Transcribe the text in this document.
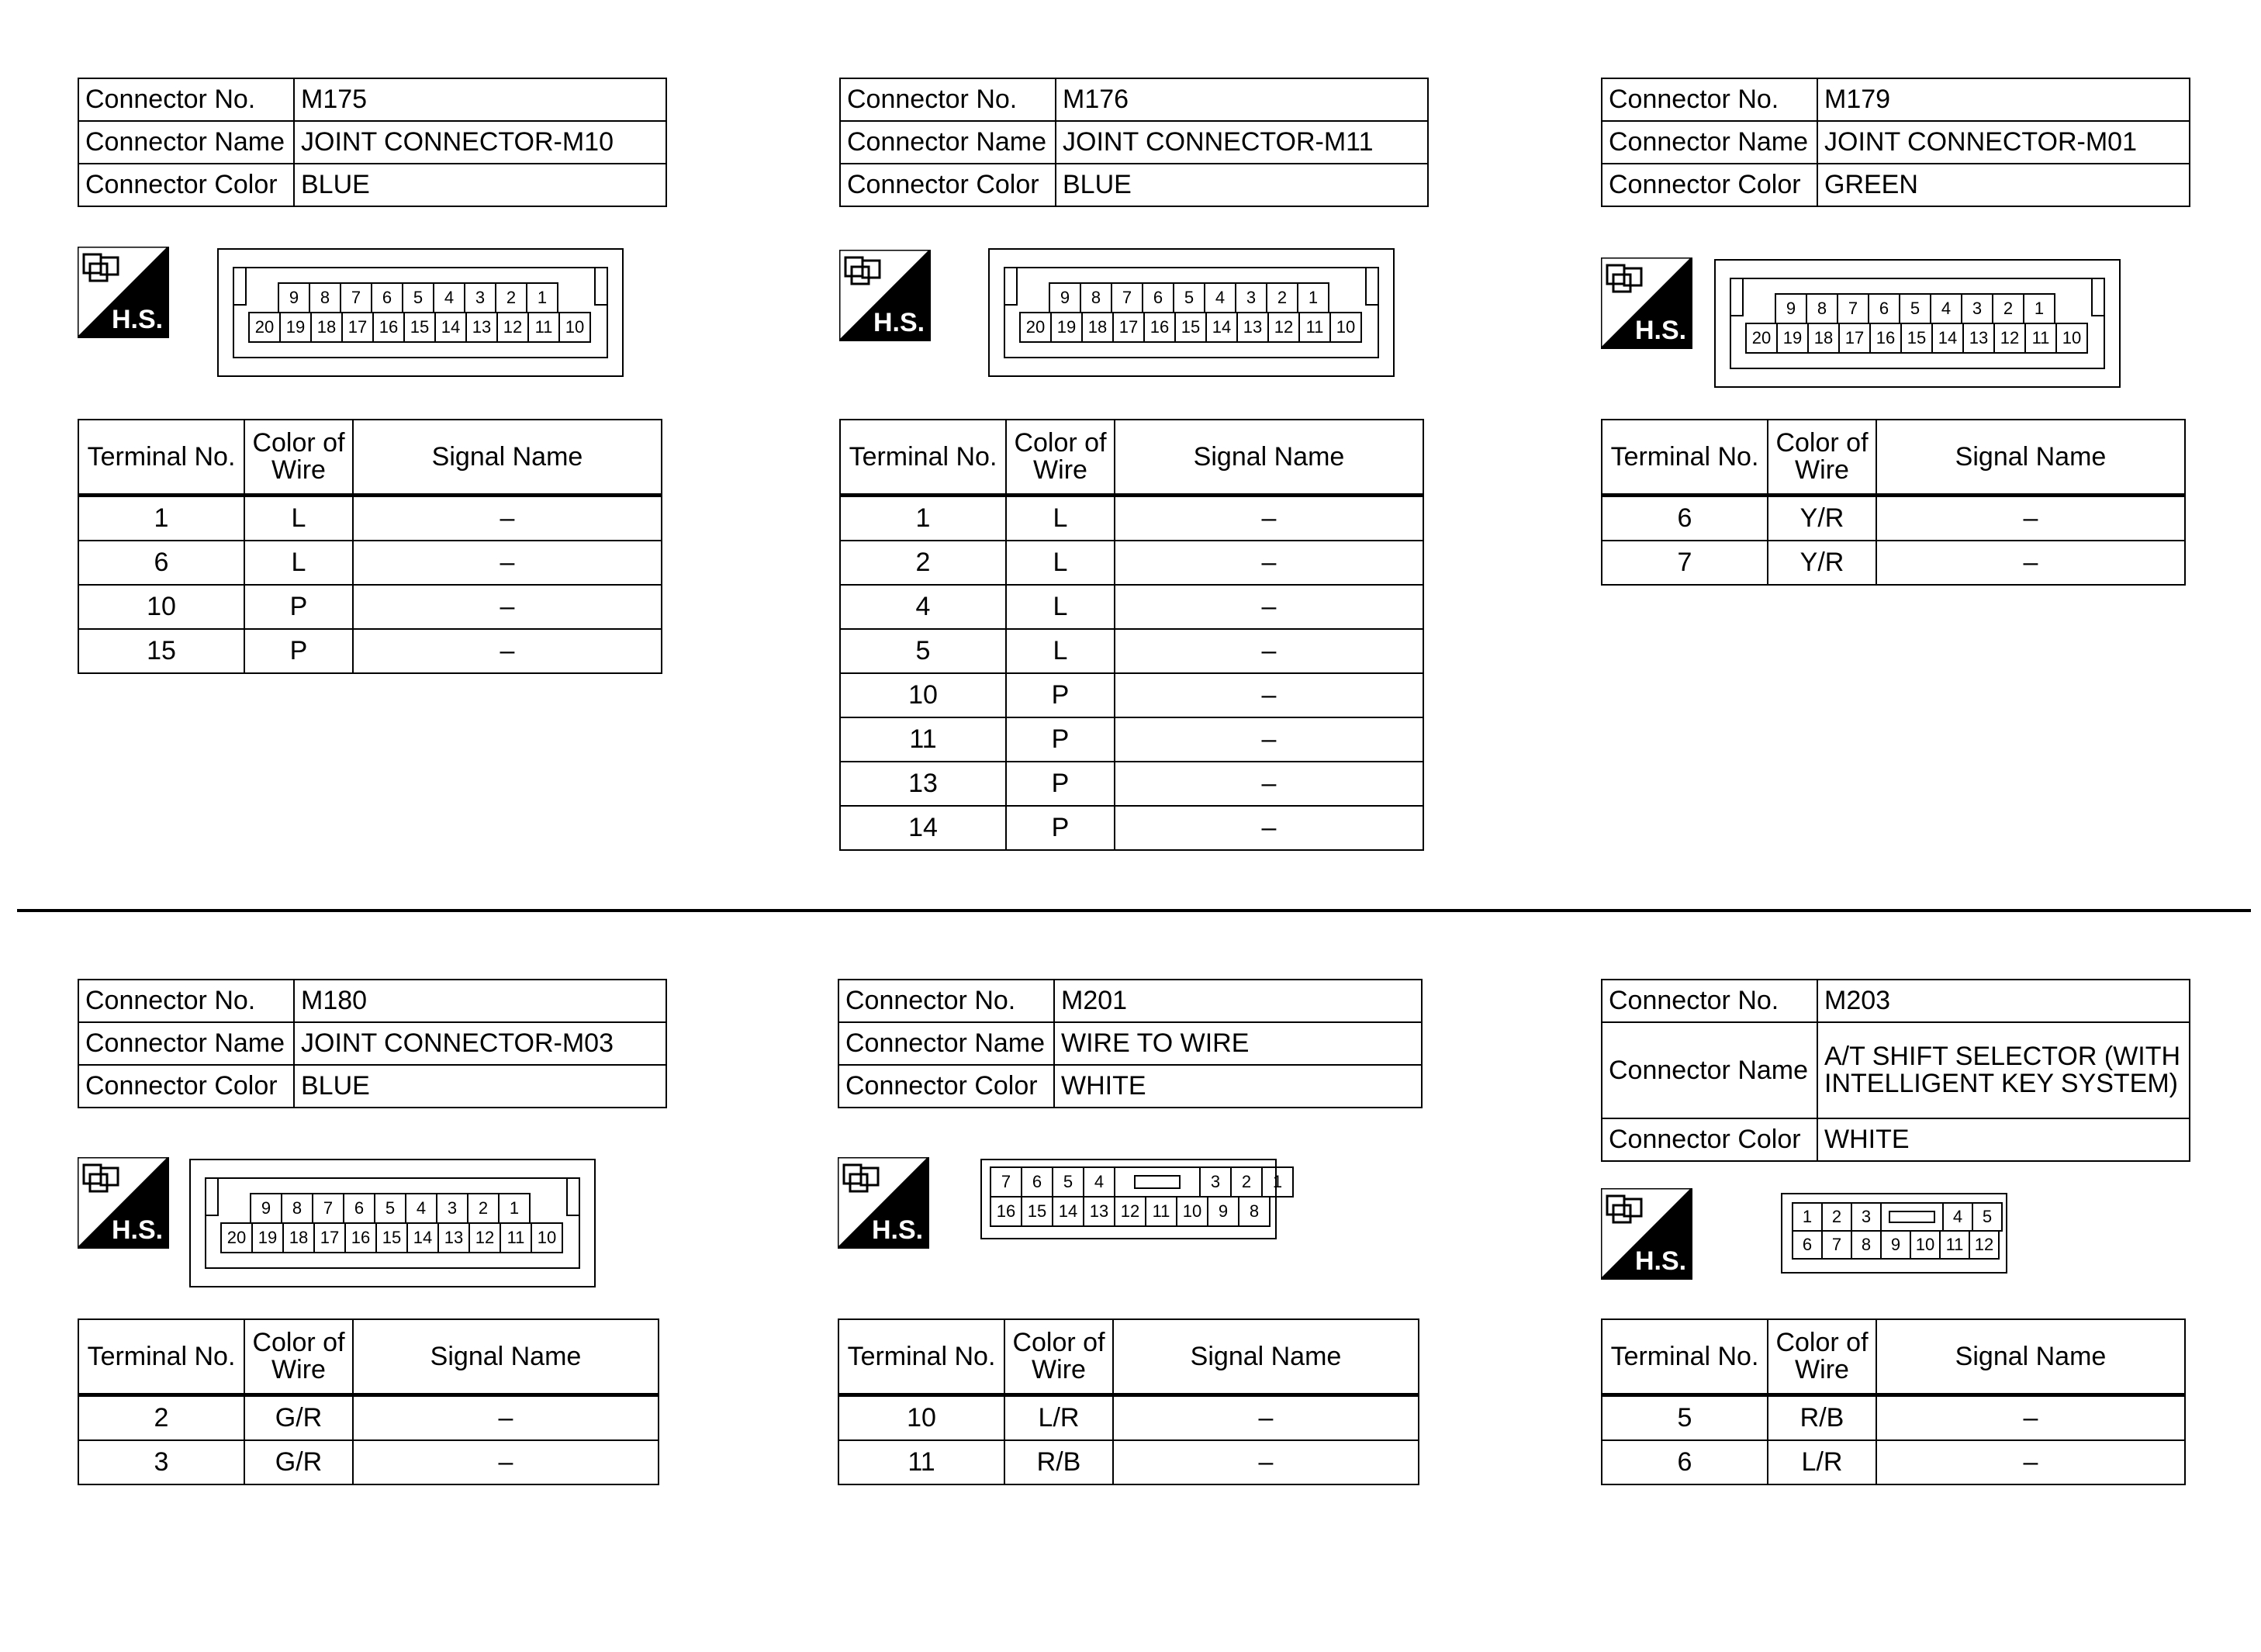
Connector No.	M175
Connector Name	JOINT CONNECTOR-M10
Connector Color	BLUE
H.S.
9	8	7	6	5	4	3	2	1
20 19 18 17 16 15 14 13 12 11 10
Terminal No.	Color of Wire	Signal Name
1	L	–
6	L	–
10	P	–
15	P	–
Connector No.	M176
Connector Name	JOINT CONNECTOR-M11
Connector Color	BLUE
H.S.
9	8	7	6	5	4	3	2	1
20 19 18 17 16 15 14 13 12 11 10
Terminal No.	Color of Wire	Signal Name
1	L	–
2	L	–
4	L	–
5	L	–
10	P	–
11	P	–
13	P	–
14	P	–
Connector No.	M179
Connector Name	JOINT CONNECTOR-M01
Connector Color	GREEN
H.S.
9	8	7	6	5	4	3	2	1
20 19 18 17 16 15 14 13 12 11 10
Terminal No.	Color of Wire	Signal Name
6	Y/R	–
7	Y/R	–
Connector No.	M180
Connector Name	JOINT CONNECTOR-M03
Connector Color	BLUE
H.S.
9	8	7	6	5	4	3	2	1
20 19 18 17 16 15 14 13 12 11 10
Terminal No.	Color of Wire	Signal Name
2	G/R	–
3	G/R	–
Connector No.	M201
Connector Name	WIRE TO WIRE
Connector Color	WHITE
H.S.
7	6	5	4	3	2	1
16 15 14 13 12 11 10 9	8
Terminal No.	Color of Wire	Signal Name
10	L/R	–
11	R/B	–
Connector No.	M203
Connector Name	A/T SHIFT SELECTOR (WITH INTELLIGENT KEY SYSTEM)
Connector Color	WHITE
H.S.
1	2	3	4	5
6	7	8	9 10 11 12
Terminal No.	Color of Wire	Signal Name
5	R/B	–
6	L/R	–
